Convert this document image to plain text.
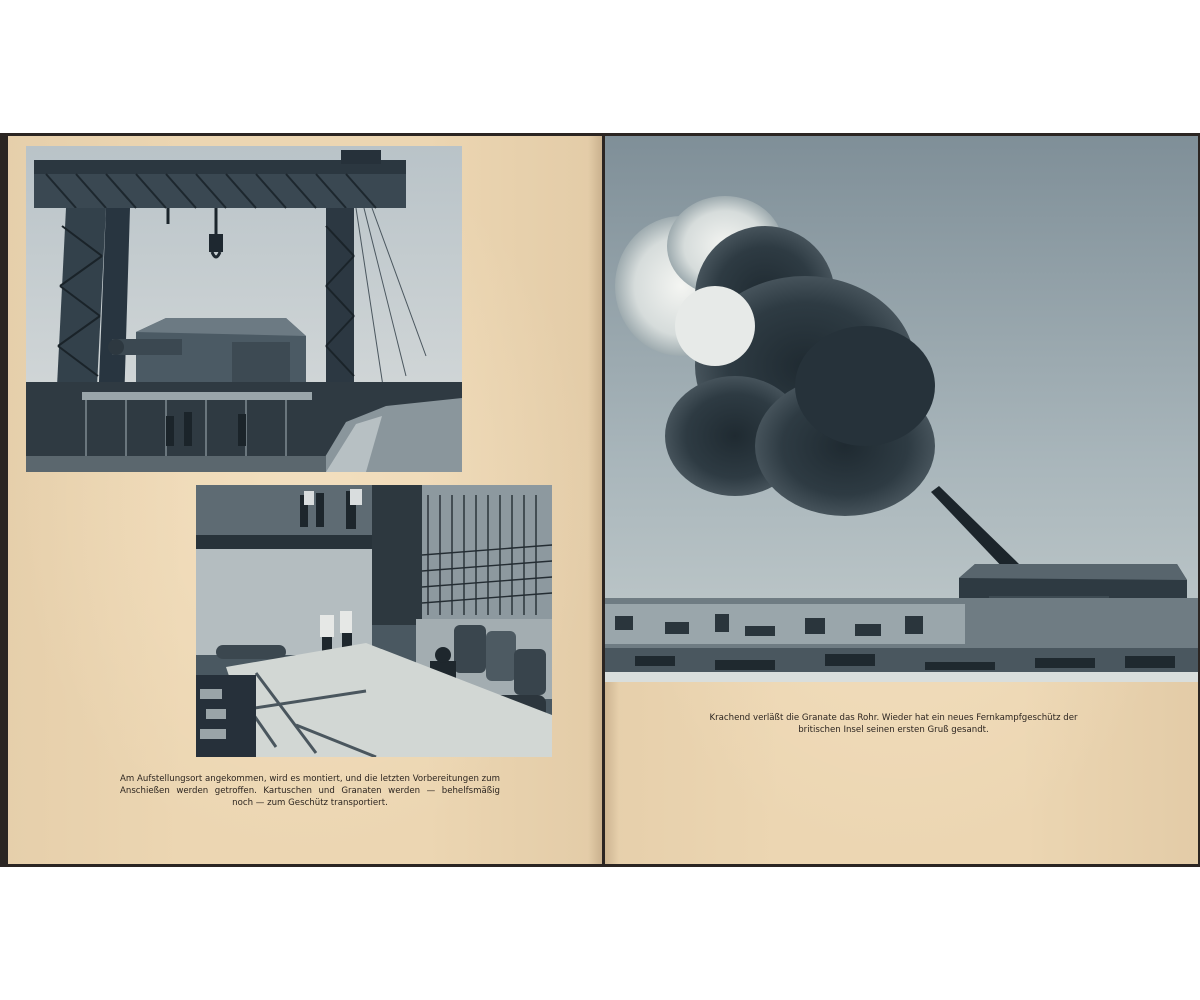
Am Aufstellungsort angekommen, wird es montiert, und die letzten Vorbereitungen zum
Anschießen werden getroffen. Kartuschen und Granaten werden — behelfsmäßig
noch — zum Geschütz transportiert.
Krachend verläßt die Granate das Rohr. Wieder hat ein neues Fernkampfgeschütz der
britischen Insel seinen ersten Gruß gesandt.
